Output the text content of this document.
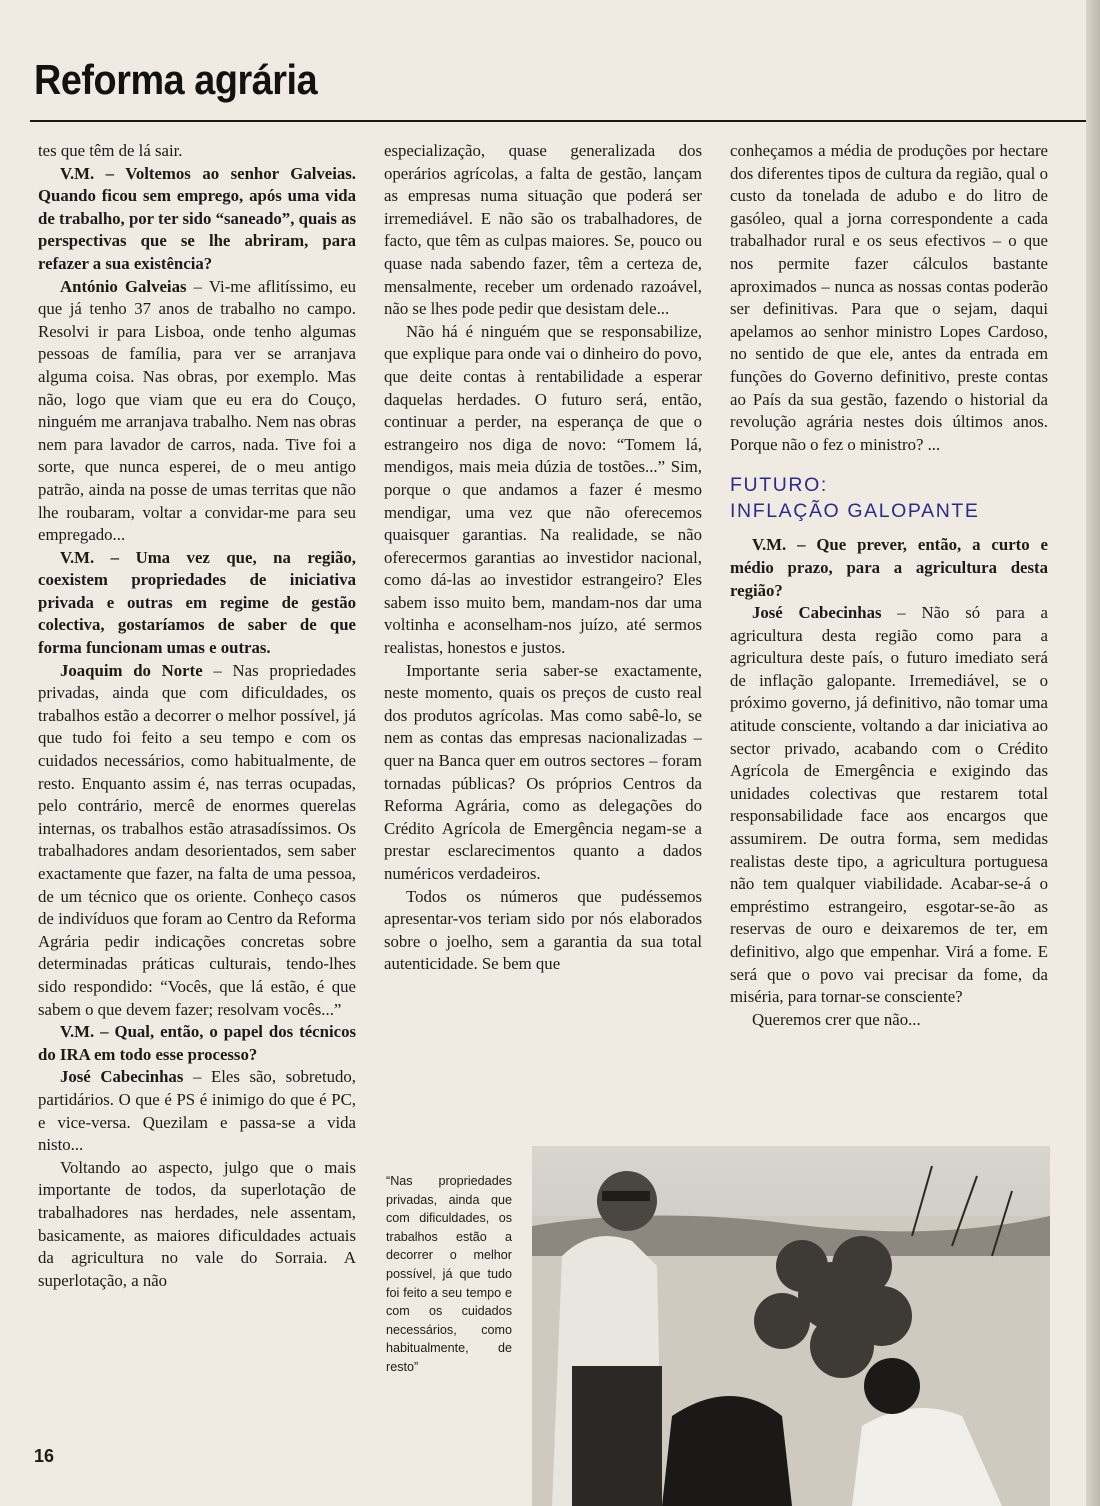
Reforma agrária

tes que têm de lá sair.

V.M. – Voltemos ao senhor Galveias. Quando ficou sem emprego, após uma vida de trabalho, por ter sido “saneado”, quais as perspectivas que se lhe abriram, para refazer a sua existência?

António Galveias – Vi-me aflitíssimo, eu que já tenho 37 anos de trabalho no campo. Resolvi ir para Lisboa, onde tenho algumas pessoas de família, para ver se arranjava alguma coisa. Nas obras, por exemplo. Mas não, logo que viam que eu era do Couço, ninguém me arranjava trabalho. Nem nas obras nem para lavador de carros, nada. Tive foi a sorte, que nunca esperei, de o meu antigo patrão, ainda na posse de umas territas que não lhe roubaram, voltar a convidar-me para seu empregado...

V.M. – Uma vez que, na região, coexistem propriedades de iniciativa privada e outras em regime de gestão colectiva, gostaríamos de saber de que forma funcionam umas e outras.

Joaquim do Norte – Nas propriedades privadas, ainda que com dificuldades, os trabalhos estão a decorrer o melhor possível, já que tudo foi feito a seu tempo e com os cuidados necessários, como habitualmente, de resto. Enquanto assim é, nas terras ocupadas, pelo contrário, mercê de enormes querelas internas, os trabalhos estão atrasadíssimos. Os trabalhadores andam desorientados, sem saber exactamente que fazer, na falta de uma pessoa, de um técnico que os oriente. Conheço casos de indivíduos que foram ao Centro da Reforma Agrária pedir indicações concretas sobre determinadas práticas culturais, tendo-lhes sido respondido: “Vocês, que lá estão, é que sabem o que devem fazer; resolvam vocês...”

V.M. – Qual, então, o papel dos técnicos do IRA em todo esse processo?

José Cabecinhas – Eles são, sobretudo, partidários. O que é PS é inimigo do que é PC, e vice-versa. Quezilam e passa-se a vida nisto...

Voltando ao aspecto, julgo que o mais importante de todos, da superlotação de trabalhadores nas herdades, nele assentam, basicamente, as maiores dificuldades actuais da agricultura no vale do Sorraia. A superlotação, a não

especialização, quase generalizada dos operários agrícolas, a falta de gestão, lançam as empresas numa situação que poderá ser irremediável. E não são os trabalhadores, de facto, que têm as culpas maiores. Se, pouco ou quase nada sabendo fazer, têm a certeza de, mensalmente, receber um ordenado razoável, não se lhes pode pedir que desistam dele...

Não há é ninguém que se responsabilize, que explique para onde vai o dinheiro do povo, que deite contas à rentabilidade a esperar daquelas herdades. O futuro será, então, continuar a perder, na esperança de que o estrangeiro nos diga de novo: “Tomem lá, mendigos, mais meia dúzia de tostões...” Sim, porque o que andamos a fazer é mesmo mendigar, uma vez que não oferecemos quaisquer garantias. Na realidade, se não oferecermos garantias ao investidor nacional, como dá-las ao investidor estrangeiro? Eles sabem isso muito bem, mandam-nos dar uma voltinha e aconselham-nos juízo, até sermos realistas, honestos e justos.

Importante seria saber-se exactamente, neste momento, quais os preços de custo real dos produtos agrícolas. Mas como sabê-lo, se nem as contas das empresas nacionalizadas – quer na Banca quer em outros sectores – foram tornadas públicas? Os próprios Centros da Reforma Agrária, como as delegações do Crédito Agrícola de Emergência negam-se a prestar esclarecimentos quanto a dados numéricos verdadeiros.

Todos os números que pudéssemos apresentar-vos teriam sido por nós elaborados sobre o joelho, sem a garantia da sua total autenticidade. Se bem que

conheçamos a média de produções por hectare dos diferentes tipos de cultura da região, qual o custo da tonelada de adubo e do litro de gasóleo, qual a jorna correspondente a cada trabalhador rural e os seus efectivos – o que nos permite fazer cálculos bastante aproximados – nunca as nossas contas poderão ser definitivas. Para que o sejam, daqui apelamos ao senhor ministro Lopes Cardoso, no sentido de que ele, antes da entrada em funções do Governo definitivo, preste contas ao País da sua gestão, fazendo o historial da revolução agrária nestes dois últimos anos. Porque não o fez o ministro? ...

FUTURO:
INFLAÇÃO GALOPANTE

V.M. – Que prever, então, a curto e médio prazo, para a agricultura desta região?

José Cabecinhas – Não só para a agricultura desta região como para a agricultura deste país, o futuro imediato será de inflação galopante. Irremediável, se o próximo governo, já definitivo, não tomar uma atitude consciente, voltando a dar iniciativa ao sector privado, acabando com o Crédito Agrícola de Emergência e exigindo das unidades colectivas que restarem total responsabilidade face aos encargos que assumirem. De outra forma, sem medidas realistas deste tipo, a agricultura portuguesa não tem qualquer viabilidade. Acabar-se-á o empréstimo estrangeiro, esgotar-se-ão as reservas de ouro e deixaremos de ter, em definitivo, algo que empenhar. Virá a fome. E será que o povo vai precisar da fome, da miséria, para tornar-se consciente?

Queremos crer que não...

“Nas propriedades privadas, ainda que com dificuldades, os trabalhos estão a decorrer o melhor possível, já que tudo foi feito a seu tempo e com os cuidados necessários, como habitualmente, de resto”
16
